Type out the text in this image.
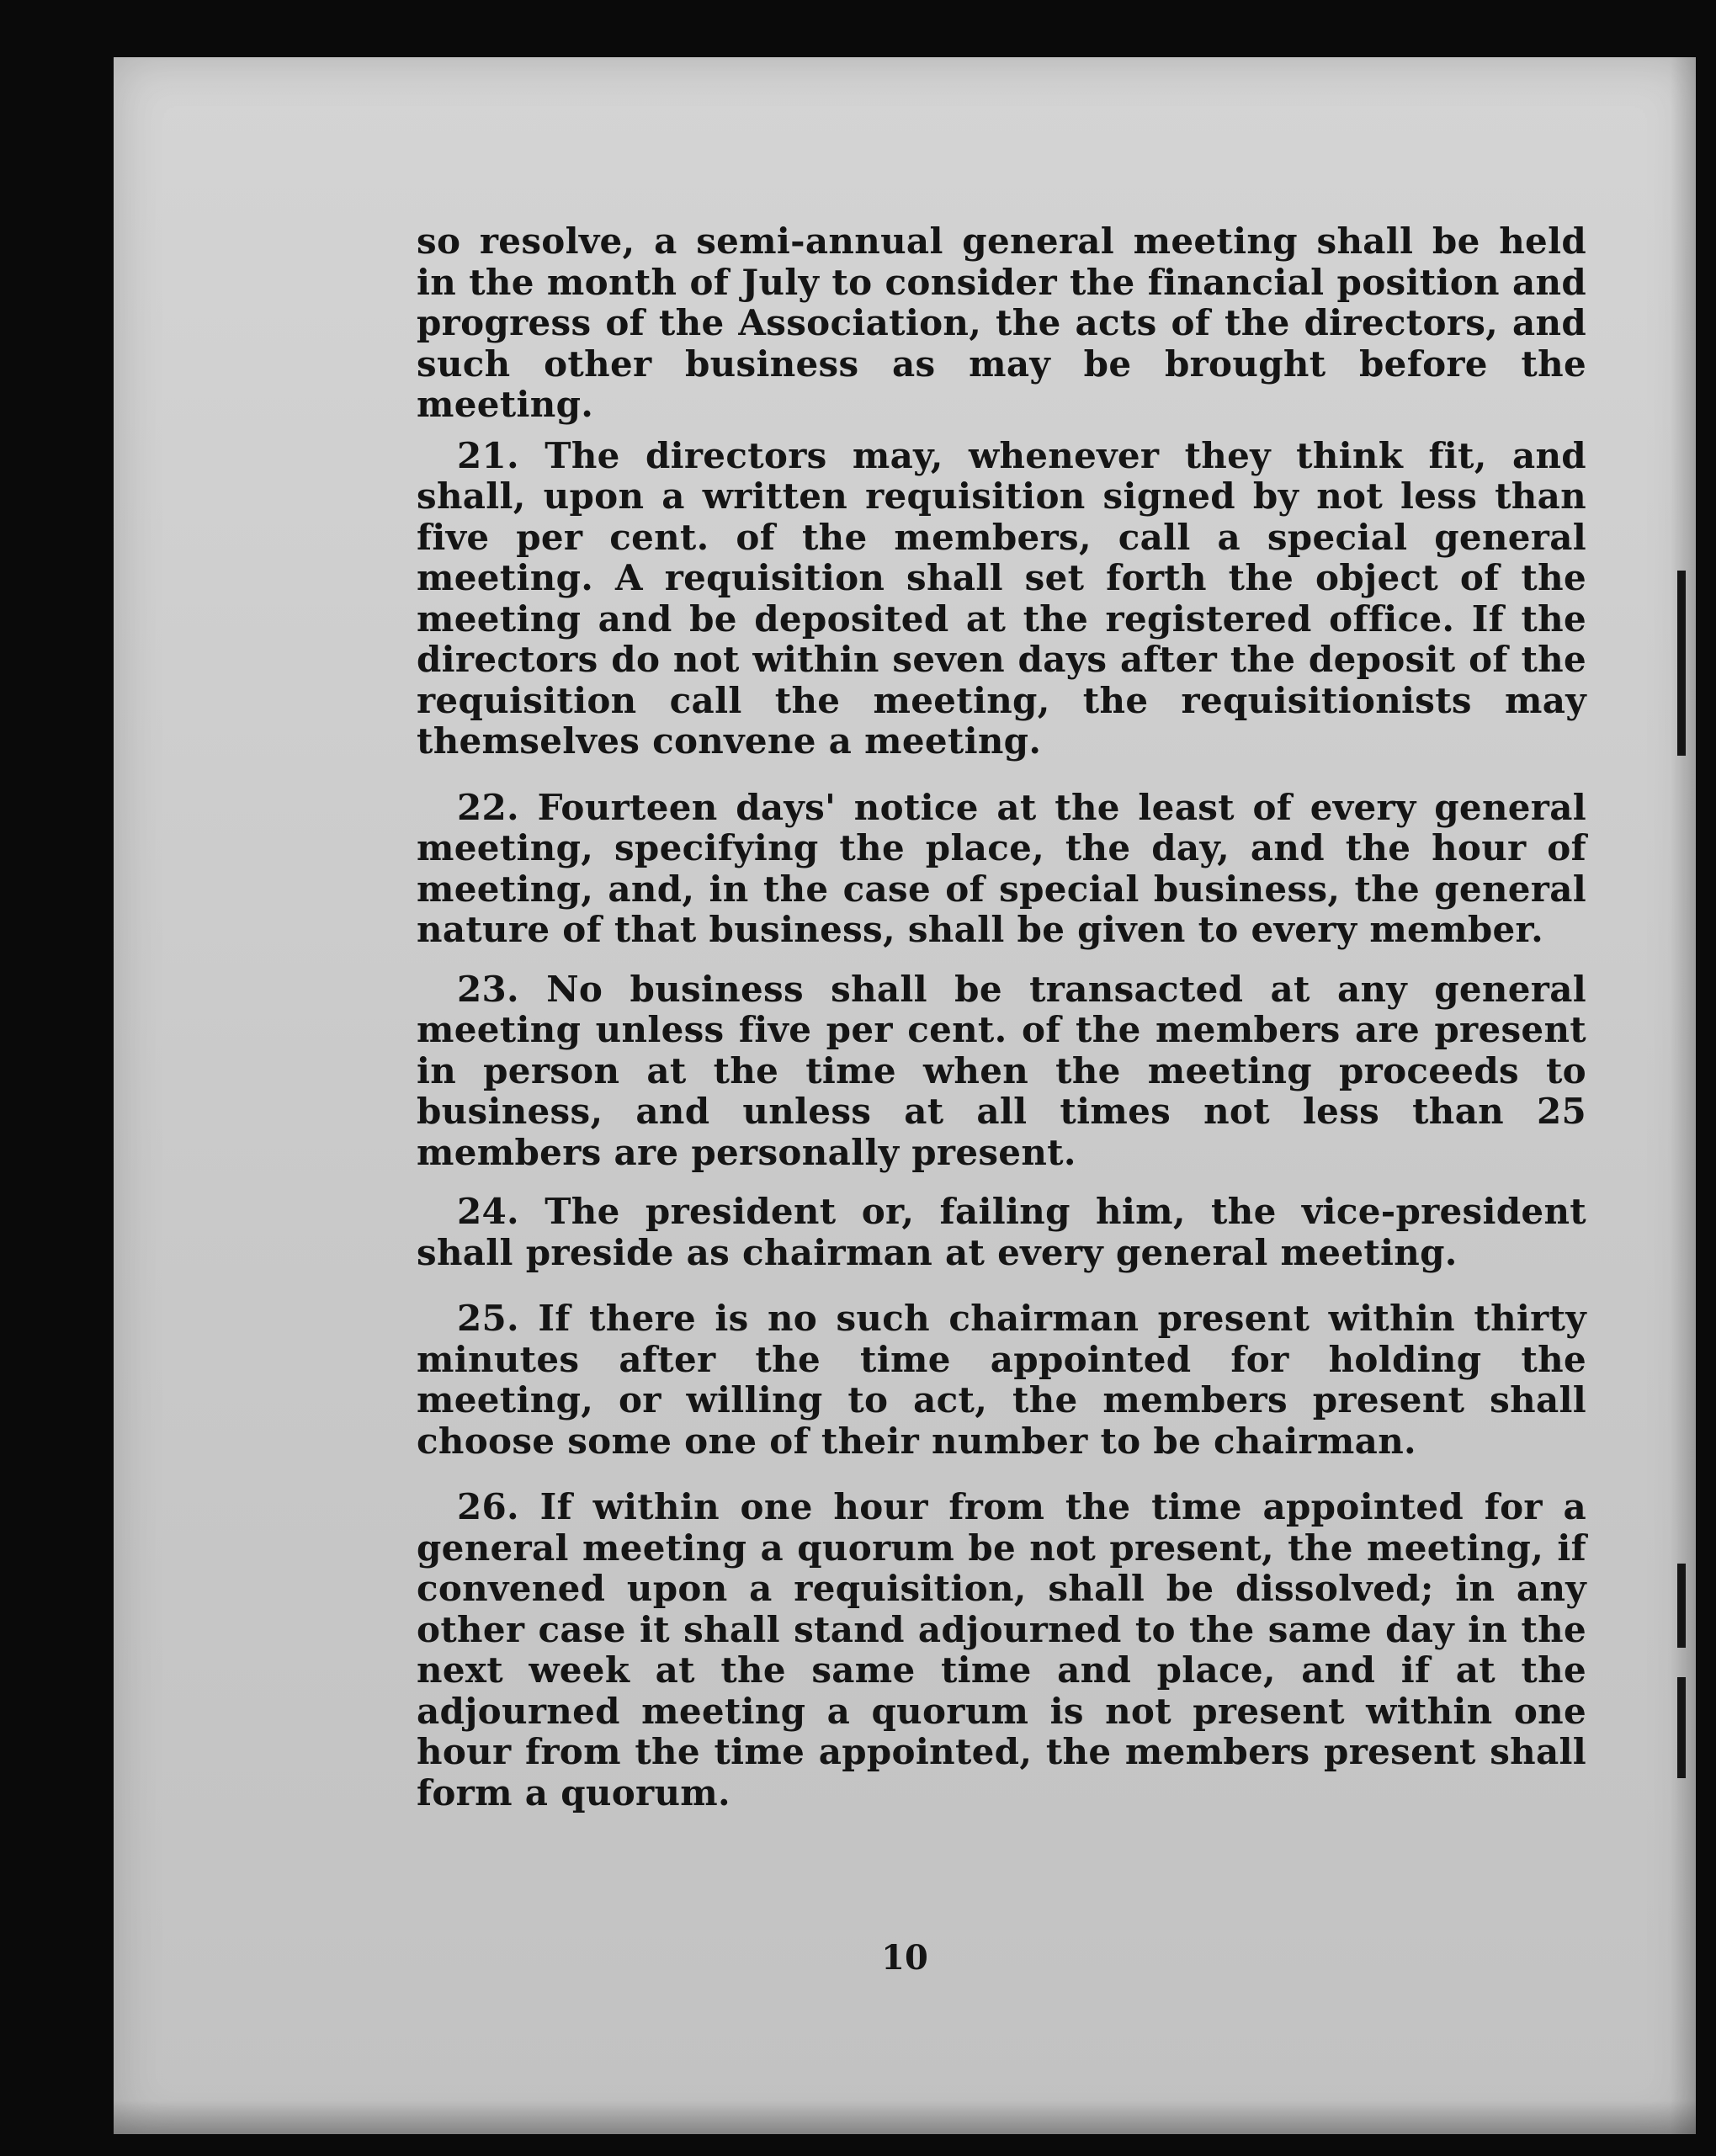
so resolve, a semi-annual general meeting shall be held in the month of July to consider the financial position and progress of the Association, the acts of the directors, and such other business as may be brought before the meeting.

21. The directors may, whenever they think fit, and shall, upon a written requisition signed by not less than five per cent. of the members, call a special general meeting. A requisition shall set forth the object of the meeting and be deposited at the registered office. If the directors do not within seven days after the deposit of the requisition call the meeting, the requisitionists may themselves convene a meeting.

22. Fourteen days' notice at the least of every general meeting, specifying the place, the day, and the hour of meeting, and, in the case of special business, the general nature of that business, shall be given to every member.

23. No business shall be transacted at any general meeting unless five per cent. of the members are present in person at the time when the meeting proceeds to business, and unless at all times not less than 25 members are personally present.

24. The president or, failing him, the vice-president shall preside as chairman at every general meeting.

25. If there is no such chairman present within thirty minutes after the time appointed for holding the meeting, or willing to act, the members present shall choose some one of their number to be chairman.

26. If within one hour from the time appointed for a general meeting a quorum be not present, the meeting, if convened upon a requisition, shall be dissolved; in any other case it shall stand adjourned to the same day in the next week at the same time and place, and if at the adjourned meeting a quorum is not present within one hour from the time appointed, the members present shall form a quorum.

10
